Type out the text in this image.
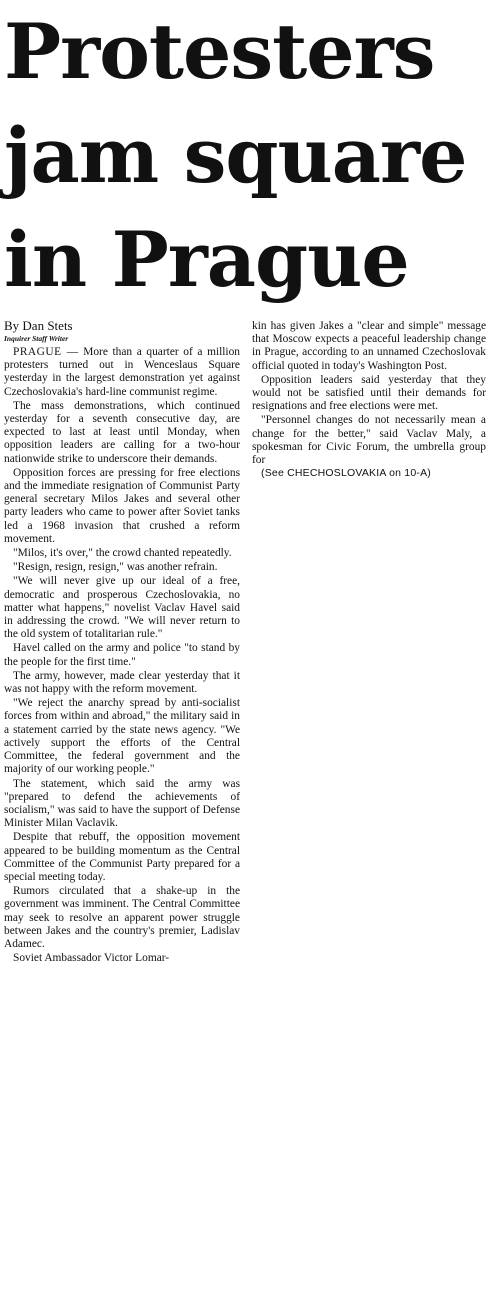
Protesters
jam square
in Prague
By Dan Stets
Inquirer Staff Writer

PRAGUE — More than a quarter of a million protesters turned out in Wenceslaus Square yesterday in the largest demonstration yet against Czechoslovakia's hard-line communist regime.

The mass demonstrations, which continued yesterday for a seventh consecutive day, are expected to last at least until Monday, when opposition leaders are calling for a two-hour nationwide strike to underscore their demands.

Opposition forces are pressing for free elections and the immediate resignation of Communist Party general secretary Milos Jakes and several other party leaders who came to power after Soviet tanks led a 1968 invasion that crushed a reform movement.

"Milos, it's over," the crowd chanted repeatedly.

"Resign, resign, resign," was another refrain.

"We will never give up our ideal of a free, democratic and prosperous Czechoslovakia, no matter what happens," novelist Vaclav Havel said in addressing the crowd. "We will never return to the old system of totalitarian rule."

Havel called on the army and police "to stand by the people for the first time."

The army, however, made clear yesterday that it was not happy with the reform movement.

"We reject the anarchy spread by anti-socialist forces from within and abroad," the military said in a statement carried by the state news agency. "We actively support the efforts of the Central Committee, the federal government and the majority of our working people."

The statement, which said the army was "prepared to defend the achievements of socialism," was said to have the support of Defense Minister Milan Vaclavik.

Despite that rebuff, the opposition movement appeared to be building momentum as the Central Committee of the Communist Party prepared for a special meeting today.

Rumors circulated that a shake-up in the government was imminent. The Central Committee may seek to resolve an apparent power struggle between Jakes and the country's premier, Ladislav Adamec.

Soviet Ambassador Victor Lomar-

kin has given Jakes a "clear and simple" message that Moscow expects a peaceful leadership change in Prague, according to an unnamed Czechoslovak official quoted in today's Washington Post.

Opposition leaders said yesterday that they would not be satisfied until their demands for resignations and free elections were met.

"Personnel changes do not necessarily mean a change for the better," said Vaclav Maly, a spokesman for Civic Forum, the umbrella group for

(See CHECHOSLOVAKIA on 10-A)
